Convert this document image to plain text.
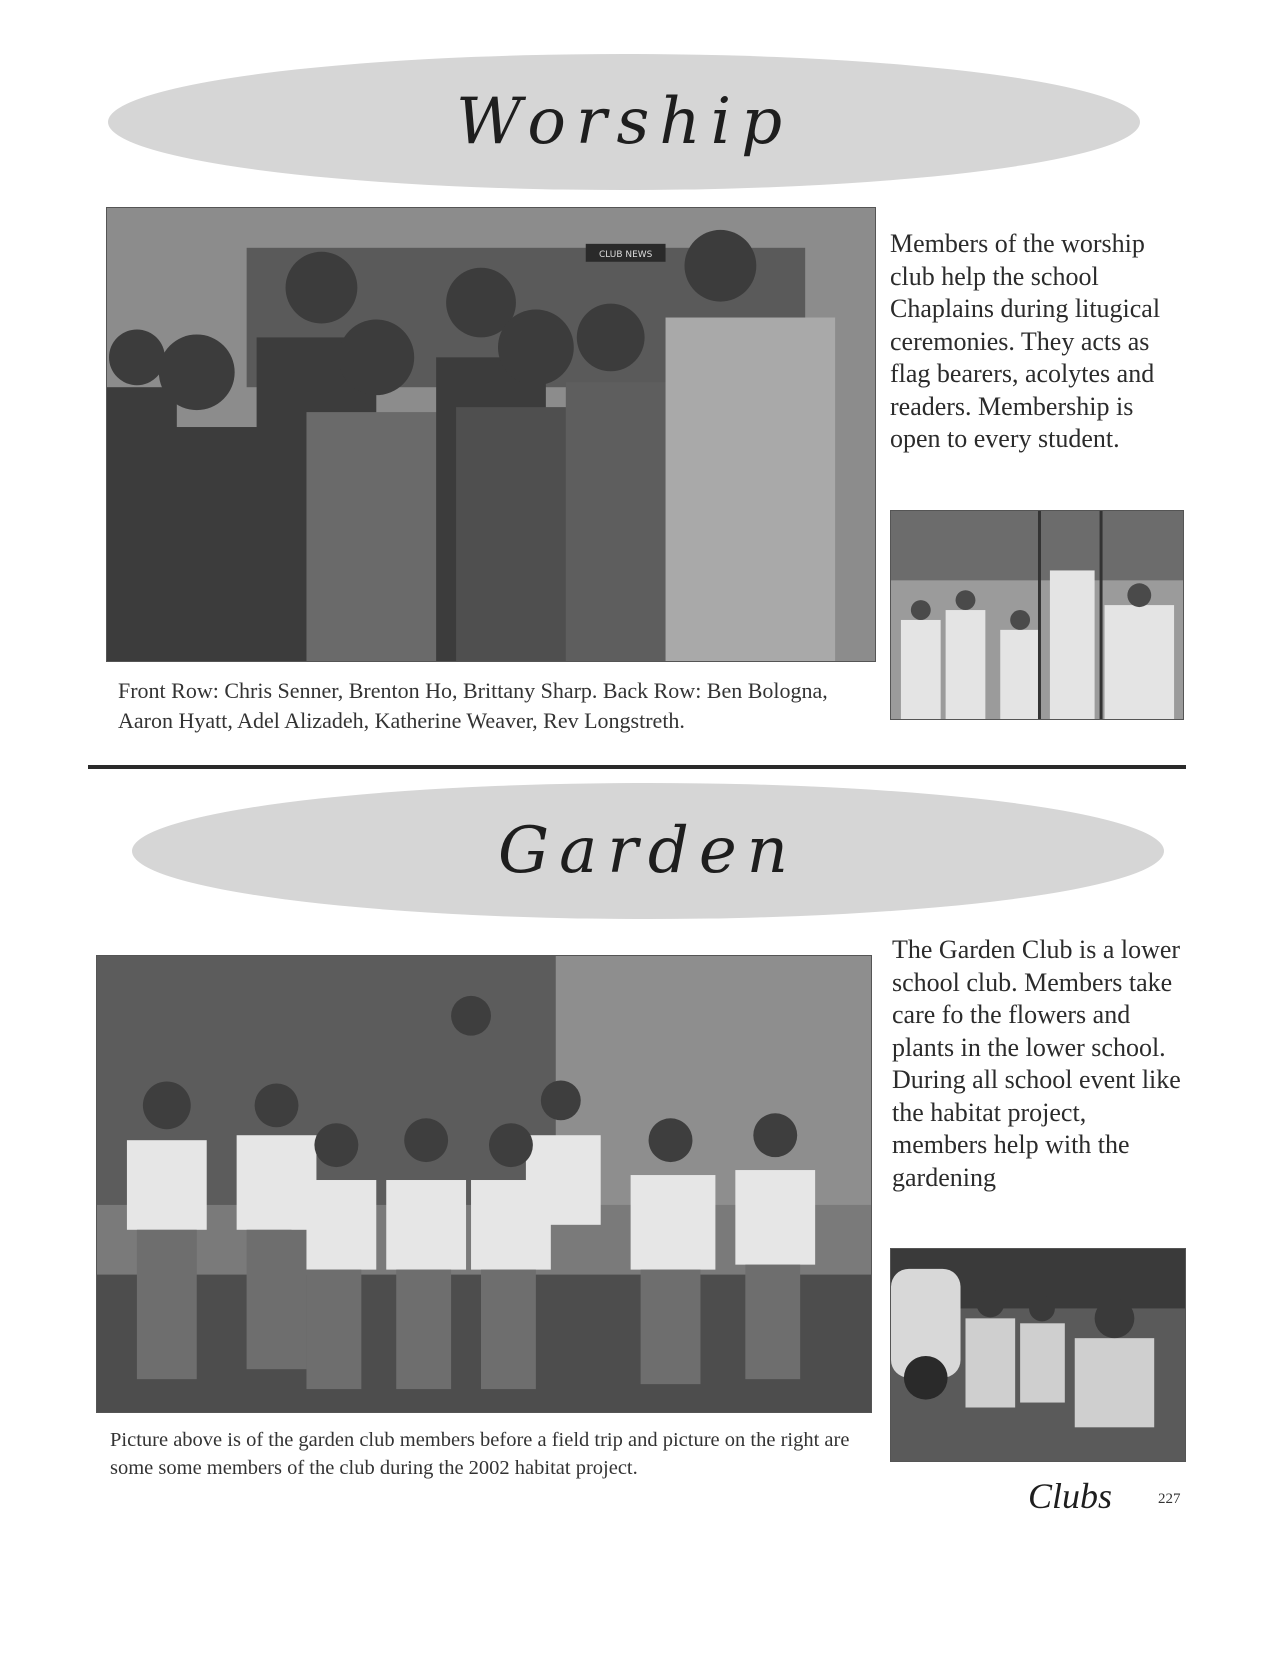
Worship
CLUB NEWS	Members of the worship club help the school Chaplains during litugical ceremonies. They acts as flag bearers, acolytes and readers. Membership is open to every student.
Front Row: Chris Senner, Brenton Ho, Brittany Sharp. Back Row: Ben Bologna, Aaron Hyatt, Adel Alizadeh, Katherine Weaver, Rev Longstreth.
Garden
The Garden Club is a lower school club. Members take care fo the flowers and plants in the lower school. During all school event like the habitat project, members help with the gardening
Picture above is of the garden club members before a field trip and picture on the right are some some members of the club during the 2002 habitat project.
Clubs	227
